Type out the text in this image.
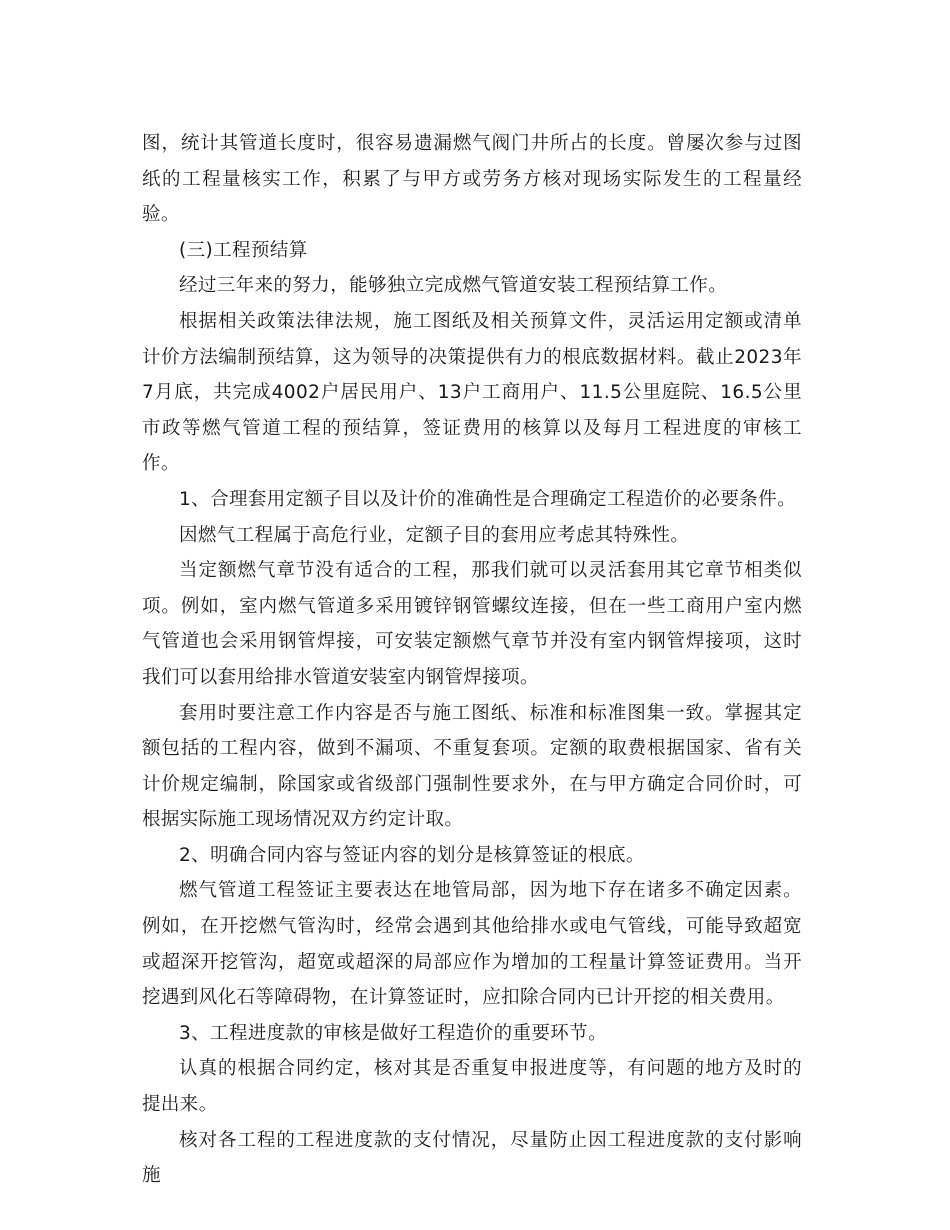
图，统计其管道长度时，很容易遗漏燃气阀门井所占的长度。曾屡次参与过图纸的工程量核实工作，积累了与甲方或劳务方核对现场实际发生的工程量经验。

(三)工程预结算

经过三年来的努力，能够独立完成燃气管道安装工程预结算工作。

根据相关政策法律法规，施工图纸及相关预算文件，灵活运用定额或清单计价方法编制预结算，这为领导的决策提供有力的根底数据材料。截止2023年7月底，共完成4002户居民用户、13户工商用户、11.5公里庭院、16.5公里市政等燃气管道工程的预结算，签证费用的核算以及每月工程进度的审核工作。

1、合理套用定额子目以及计价的准确性是合理确定工程造价的必要条件。

因燃气工程属于高危行业，定额子目的套用应考虑其特殊性。

当定额燃气章节没有适合的工程，那我们就可以灵活套用其它章节相类似项。例如，室内燃气管道多采用镀锌钢管螺纹连接，但在一些工商用户室内燃气管道也会采用钢管焊接，可安装定额燃气章节并没有室内钢管焊接项，这时我们可以套用给排水管道安装室内钢管焊接项。

套用时要注意工作内容是否与施工图纸、标准和标准图集一致。掌握其定额包括的工程内容，做到不漏项、不重复套项。定额的取费根据国家、省有关计价规定编制，除国家或省级部门强制性要求外，在与甲方确定合同价时，可根据实际施工现场情况双方约定计取。

2、明确合同内容与签证内容的划分是核算签证的根底。

燃气管道工程签证主要表达在地管局部，因为地下存在诸多不确定因素。例如，在开挖燃气管沟时，经常会遇到其他给排水或电气管线，可能导致超宽或超深开挖管沟，超宽或超深的局部应作为增加的工程量计算签证费用。当开挖遇到风化石等障碍物，在计算签证时，应扣除合同内已计开挖的相关费用。

3、工程进度款的审核是做好工程造价的重要环节。

认真的根据合同约定，核对其是否重复申报进度等，有问题的地方及时的提出来。

核对各工程的工程进度款的支付情况，尽量防止因工程进度款的支付影响施
